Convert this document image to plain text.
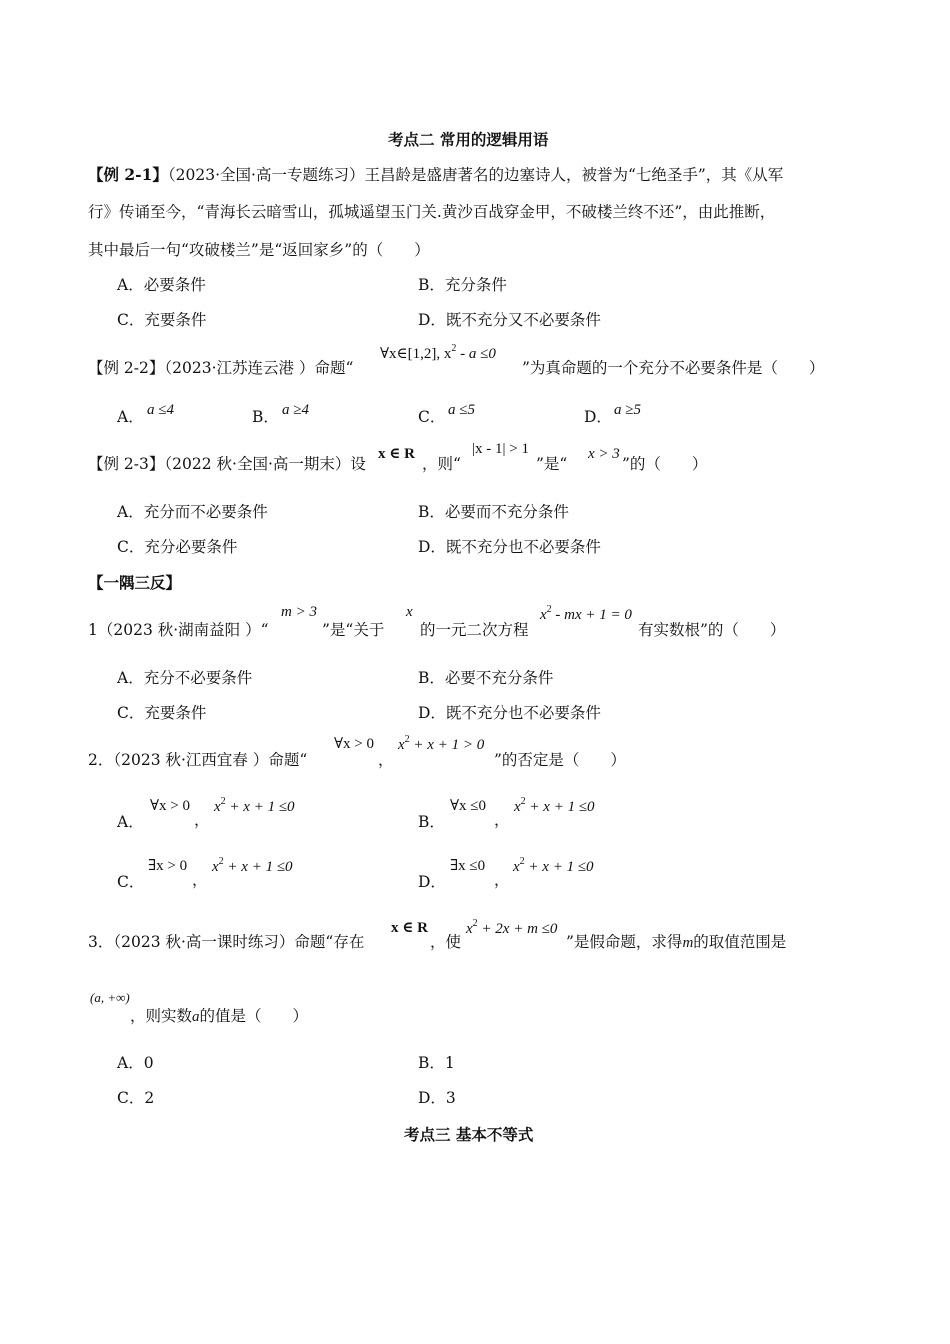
考点二 常用的逻辑用语
【例 2-1】（2023·全国·高一专题练习）王昌龄是盛唐著名的边塞诗人，被誉为“七绝圣手”，其《从军
行》传诵至今，“青海长云暗雪山，孤城遥望玉门关.黄沙百战穿金甲，不破楼兰终不还”，由此推断，
其中最后一句“攻破楼兰”是“返回家乡”的（　　）
A．必要条件	B．充分条件
C．充要条件	D．既不充分又不必要条件
【例 2-2】（2023·江苏连云港 ）命题“
∀x∈[1,2], $x^2 - a \le 0$
”为真命题的一个充分不必要条件是（　　）
A． a ≤4	B． a ≥4	C． a ≤5	D． a ≥5
【例 2-3】（2022 秋·全国·高一期末）设
x ∈ R
，则“
|x - 1| > 1
”是“
x > 3
”的（　　）
A．充分而不必要条件	B．必要而不充分条件
C．充分必要条件	D．既不充分也不必要条件
【一隅三反】
1（2023 秋·湖南益阳 ）“
m > 3
”是“关于
x
的一元二次方程
$x^2$ - mx + 1 = 0
有实数根”的（　　）
A．充分不必要条件	B．必要不充分条件
C．充要条件	D．既不充分也不必要条件
2．（2023 秋·江西宜春 ）命题“
∀x > 0
，
$x^2 + x + 1 > 0$
”的否定是（　　）
A．
∀x > 0
，
$x^2 + x + 1 \le 0$
B．
∀x ≤0
，
$x^2 + x + 1 \le 0$
C．
∃x > 0
，
$x^2 + x + 1 \le 0$
D．
∃x ≤0
，
$x^2 + x + 1 \le 0$
3．（2023 秋·高一课时练习）命题“存在
x ∈ R
，使
$x^2 + 2x + m \le 0$
”是假命题，求得m的取值范围是
(a, +∞)
，则实数a的值是（　　）
A．0	B．1
C．2	D．3
考点三 基本不等式
